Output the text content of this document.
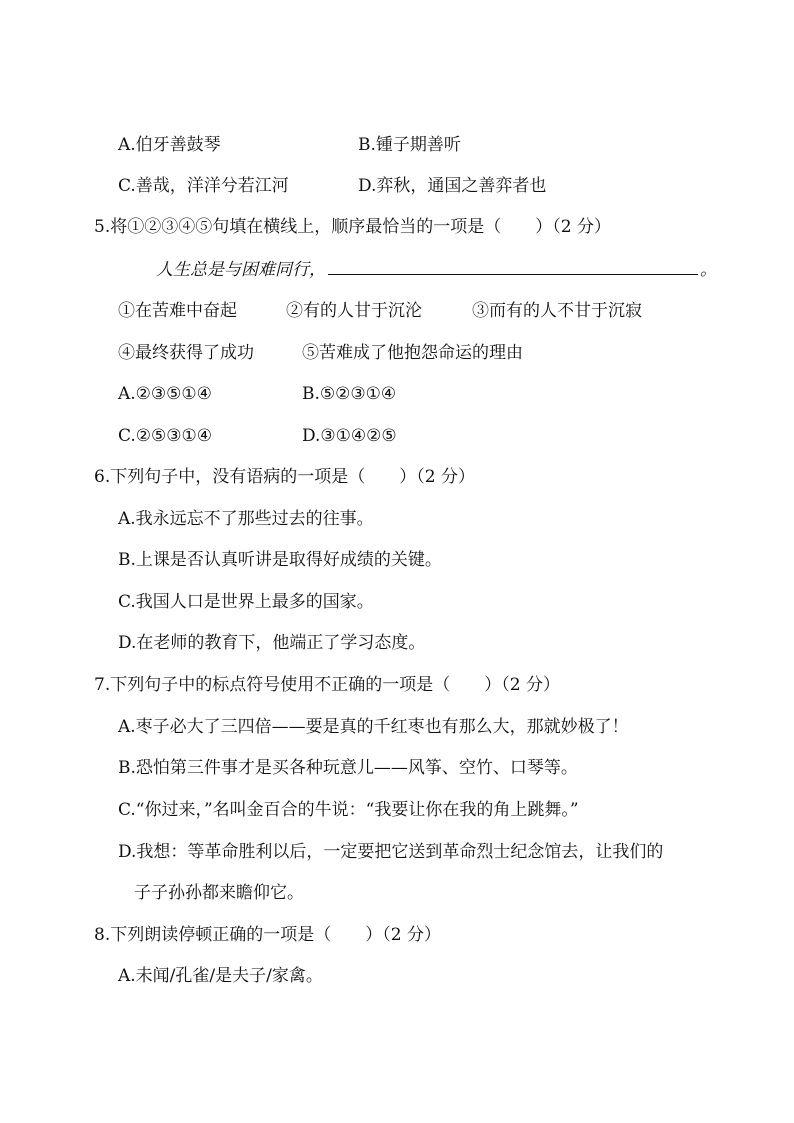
A.伯牙善鼓琴	B.锺子期善听
C.善哉，洋洋兮若江河	D.弈秋，通国之善弈者也
5.将①②③④⑤句填在横线上，顺序最恰当的一项是（　　）（2 分）
人生总是与困难同行，	。
①在苦难中奋起	②有的人甘于沉沦	③而有的人不甘于沉寂
④最终获得了成功	⑤苦难成了他抱怨命运的理由
A.②③⑤①④	B.⑤②③①④
C.②⑤③①④	D.③①④②⑤
6.下列句子中，没有语病的一项是（　　）（2 分）
A.我永远忘不了那些过去的往事。
B.上课是否认真听讲是取得好成绩的关键。
C.我国人口是世界上最多的国家。
D.在老师的教育下，他端正了学习态度。
7.下列句子中的标点符号使用不正确的一项是（　　）（2 分）
A.枣子必大了三四倍——要是真的千红枣也有那么大，那就妙极了！
B.恐怕第三件事才是买各种玩意儿——风筝、空竹、口琴等。
C.“你过来，”名叫金百合的牛说：“我要让你在我的角上跳舞。”
D.我想：等革命胜利以后，一定要把它送到革命烈士纪念馆去，让我们的
子子孙孙都来瞻仰它。
8.下列朗读停顿正确的一项是（　　）（2 分）
A.未闻/孔雀/是夫子/家禽。
